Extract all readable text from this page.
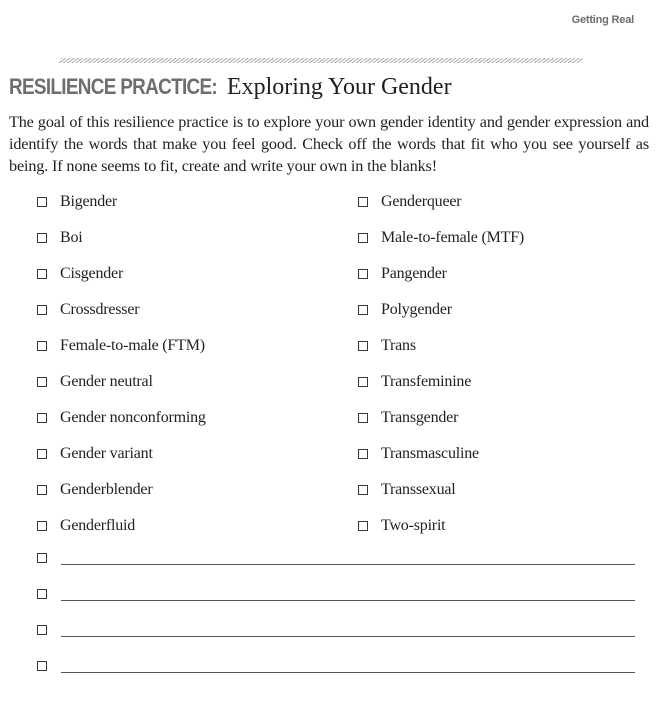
Getting Real
RESILIENCE PRACTICE: Exploring Your Gender
The goal of this resilience practice is to explore your own gender identity and gender expression and identify the words that make you feel good. Check off the words that fit who you see yourself as being. If none seems to fit, create and write your own in the blanks!
Bigender
Boi
Cisgender
Crossdresser
Female-to-male (FTM)
Gender neutral
Gender nonconforming
Gender variant
Genderblender
Genderfluid
Genderqueer
Male-to-female (MTF)
Pangender
Polygender
Trans
Transfeminine
Transgender
Transmasculine
Transsexual
Two-spirit
